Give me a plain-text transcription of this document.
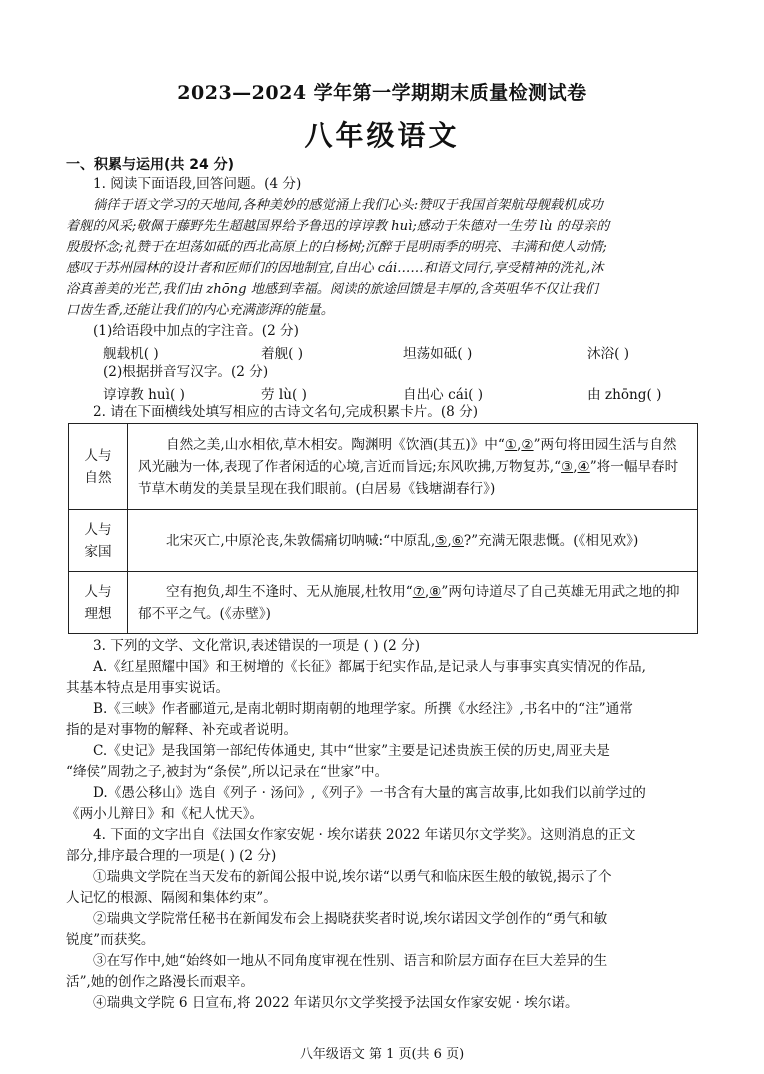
2023—2024 学年第一学期期末质量检测试卷
八年级语文
一、积累与运用(共 24 分)
1. 阅读下面语段,回答问题。(4 分)
徜徉于语文学习的天地间,各种美妙的感觉涌上我们心头:赞叹于我国首架航母舰载机成功
着舰的风采;敬佩于藤野先生超越国界给予鲁迅的谆谆教 huì;感动于朱德对一生劳 lù 的母亲的
殷殷怀念;礼赞于在坦荡如砥的西北高原上的白杨树;沉醉于昆明雨季的明亮、丰满和使人动情;
感叹于苏州园林的设计者和匠师们的因地制宜,自出心 cái……和语文同行,享受精神的洗礼,沐
浴真善美的光芒,我们由 zhōng 地感到幸福。阅读的旅途回馈是丰厚的,含英咀华不仅让我们
口齿生香,还能让我们的内心充满澎湃的能量。
(1)给语段中加点的字注音。(2 分)
舰载机( )	着舰( )	坦荡如砥( )	沐浴( )
(2)根据拼音写汉字。(2 分)
谆谆教 huì( )	劳 lù( )	自出心 cái( )	由 zhōng( )
2. 请在下面横线处填写相应的古诗文名句,完成积累卡片。(8 分)
人与
自然	自然之美,山水相依,草木相安。陶渊明《饮酒(其五)》中“①,②”两句将田园生活与自然风光融为一体,表现了作者闲适的心境,言近而旨远;东风吹拂,万物复苏,“③,④”将一幅早春时节草木萌发的美景呈现在我们眼前。(白居易《钱塘湖春行》)

人与
家国	北宋灭亡,中原沦丧,朱敦儒痛切呐喊:“中原乱,⑤,⑥?”充满无限悲慨。(《相见欢》)

人与
理想	空有抱负,却生不逢时、无从施展,杜牧用“⑦,⑧”两句诗道尽了自己英雄无用武之地的抑郁不平之气。(《赤壁》)
3. 下列的文学、文化常识,表述错误的一项是 ( ) (2 分)
A.《红星照耀中国》和王树增的《长征》都属于纪实作品,是记录人与事事实真实情况的作品,
其基本特点是用事实说话。
B.《三峡》作者郦道元,是南北朝时期南朝的地理学家。所撰《水经注》,书名中的“注”通常
指的是对事物的解释、补充或者说明。
C.《史记》是我国第一部纪传体通史, 其中“世家”主要是记述贵族王侯的历史,周亚夫是
“绛侯”周勃之子,被封为“条侯”,所以记录在“世家”中。
D.《愚公移山》选自《列子 · 汤问》,《列子》一书含有大量的寓言故事,比如我们以前学过的
《两小儿辩日》和《杞人忧天》。
4. 下面的文字出自《法国女作家安妮 · 埃尔诺获 2022 年诺贝尔文学奖》。这则消息的正文
部分,排序最合理的一项是( ) (2 分)
①瑞典文学院在当天发布的新闻公报中说,埃尔诺“以勇气和临床医生般的敏锐,揭示了个
人记忆的根源、隔阂和集体约束”。
②瑞典文学院常任秘书在新闻发布会上揭晓获奖者时说,埃尔诺因文学创作的“勇气和敏
锐度”而获奖。
③在写作中,她“始终如一地从不同角度审视在性别、语言和阶层方面存在巨大差异的生
活”,她的创作之路漫长而艰辛。
④瑞典文学院 6 日宣布,将 2022 年诺贝尔文学奖授予法国女作家安妮 · 埃尔诺。
八年级语文 第 1 页(共 6 页)
